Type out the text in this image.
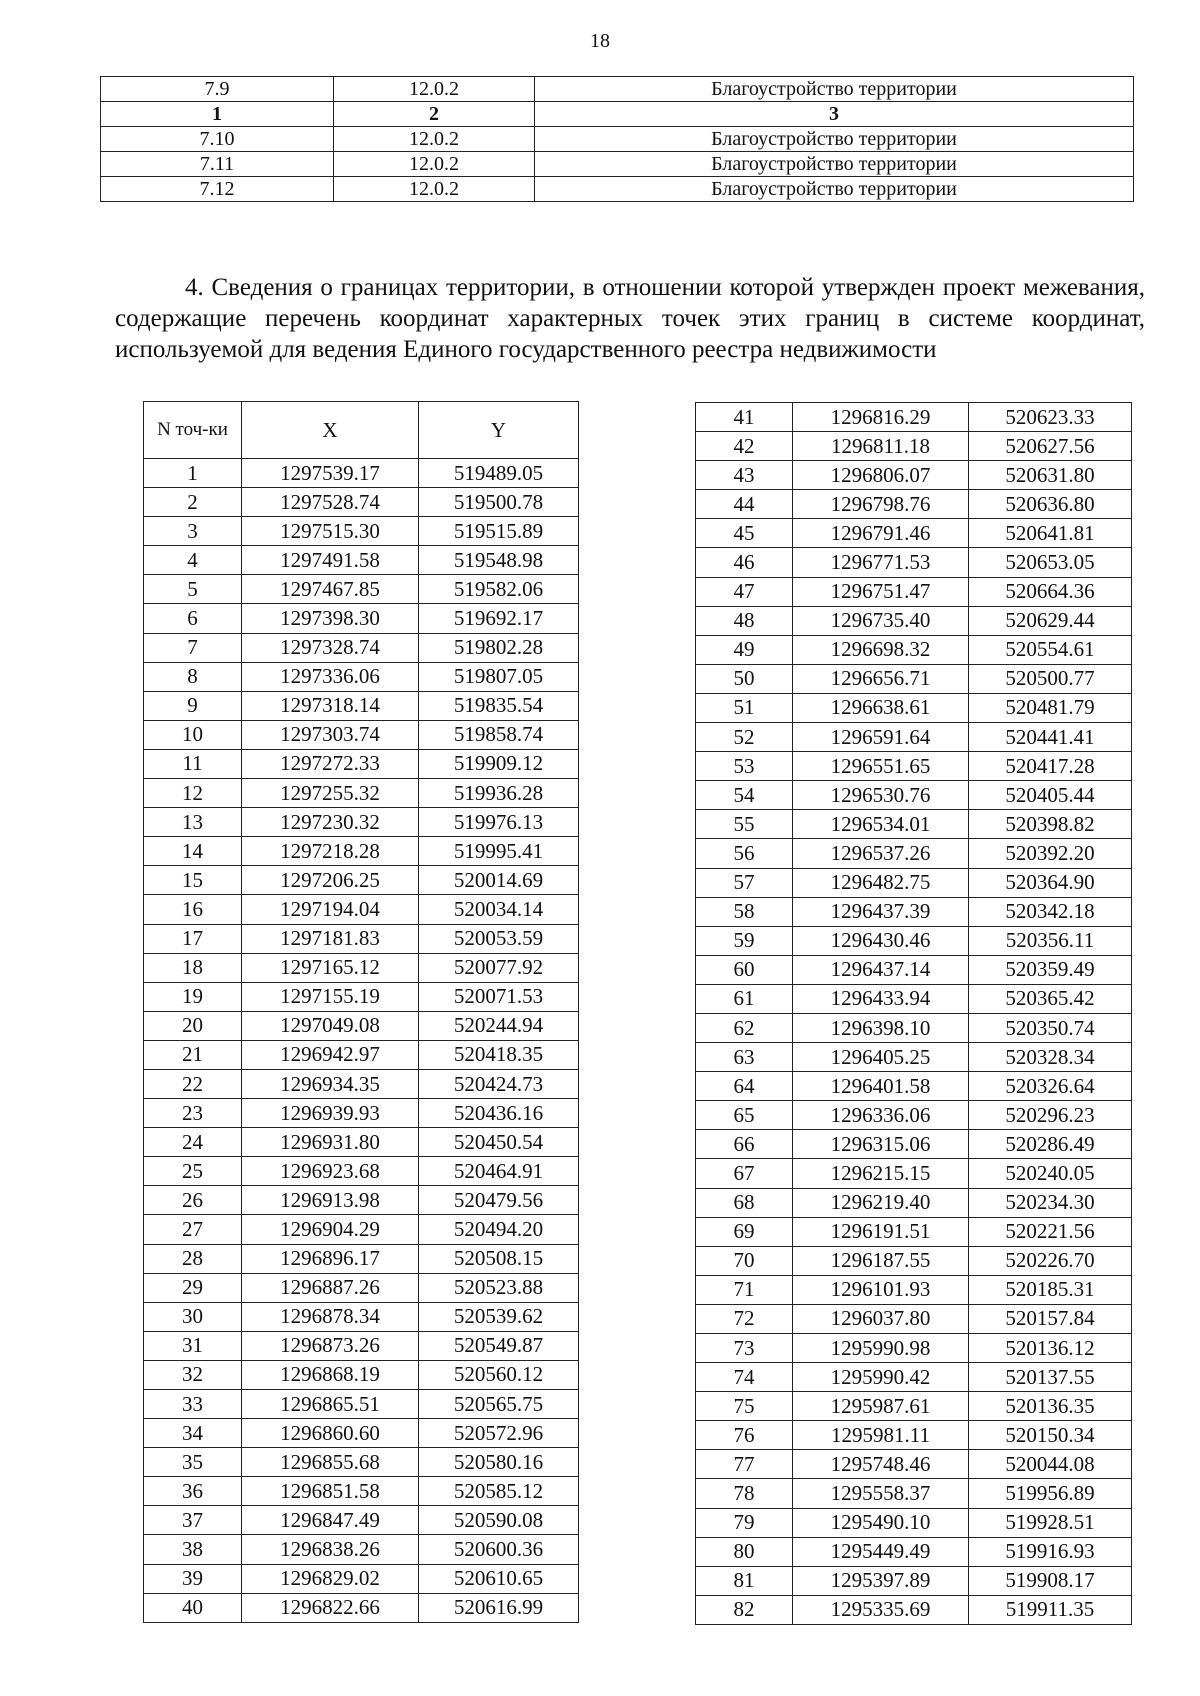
18
7.9	12.0.2	Благоустройство территории
1	2	3
7.10	12.0.2	Благоустройство территории
7.11	12.0.2	Благоустройство территории
7.12	12.0.2	Благоустройство территории
4. Сведения о границах территории, в отношении которой утвержден проект межевания, содержащие перечень координат характерных точек этих границ в системе координат, используемой для ведения Единого государственного реестра недвижимости
N точ-ки	X	Y
1	1297539.17	519489.05
2	1297528.74	519500.78
3	1297515.30	519515.89
4	1297491.58	519548.98
5	1297467.85	519582.06
6	1297398.30	519692.17
7	1297328.74	519802.28
8	1297336.06	519807.05
9	1297318.14	519835.54
10	1297303.74	519858.74
11	1297272.33	519909.12
12	1297255.32	519936.28
13	1297230.32	519976.13
14	1297218.28	519995.41
15	1297206.25	520014.69
16	1297194.04	520034.14
17	1297181.83	520053.59
18	1297165.12	520077.92
19	1297155.19	520071.53
20	1297049.08	520244.94
21	1296942.97	520418.35
22	1296934.35	520424.73
23	1296939.93	520436.16
24	1296931.80	520450.54
25	1296923.68	520464.91
26	1296913.98	520479.56
27	1296904.29	520494.20
28	1296896.17	520508.15
29	1296887.26	520523.88
30	1296878.34	520539.62
31	1296873.26	520549.87
32	1296868.19	520560.12
33	1296865.51	520565.75
34	1296860.60	520572.96
35	1296855.68	520580.16
36	1296851.58	520585.12
37	1296847.49	520590.08
38	1296838.26	520600.36
39	1296829.02	520610.65
40	1296822.66	520616.99
41	1296816.29	520623.33
42	1296811.18	520627.56
43	1296806.07	520631.80
44	1296798.76	520636.80
45	1296791.46	520641.81
46	1296771.53	520653.05
47	1296751.47	520664.36
48	1296735.40	520629.44
49	1296698.32	520554.61
50	1296656.71	520500.77
51	1296638.61	520481.79
52	1296591.64	520441.41
53	1296551.65	520417.28
54	1296530.76	520405.44
55	1296534.01	520398.82
56	1296537.26	520392.20
57	1296482.75	520364.90
58	1296437.39	520342.18
59	1296430.46	520356.11
60	1296437.14	520359.49
61	1296433.94	520365.42
62	1296398.10	520350.74
63	1296405.25	520328.34
64	1296401.58	520326.64
65	1296336.06	520296.23
66	1296315.06	520286.49
67	1296215.15	520240.05
68	1296219.40	520234.30
69	1296191.51	520221.56
70	1296187.55	520226.70
71	1296101.93	520185.31
72	1296037.80	520157.84
73	1295990.98	520136.12
74	1295990.42	520137.55
75	1295987.61	520136.35
76	1295981.11	520150.34
77	1295748.46	520044.08
78	1295558.37	519956.89
79	1295490.10	519928.51
80	1295449.49	519916.93
81	1295397.89	519908.17
82	1295335.69	519911.35
